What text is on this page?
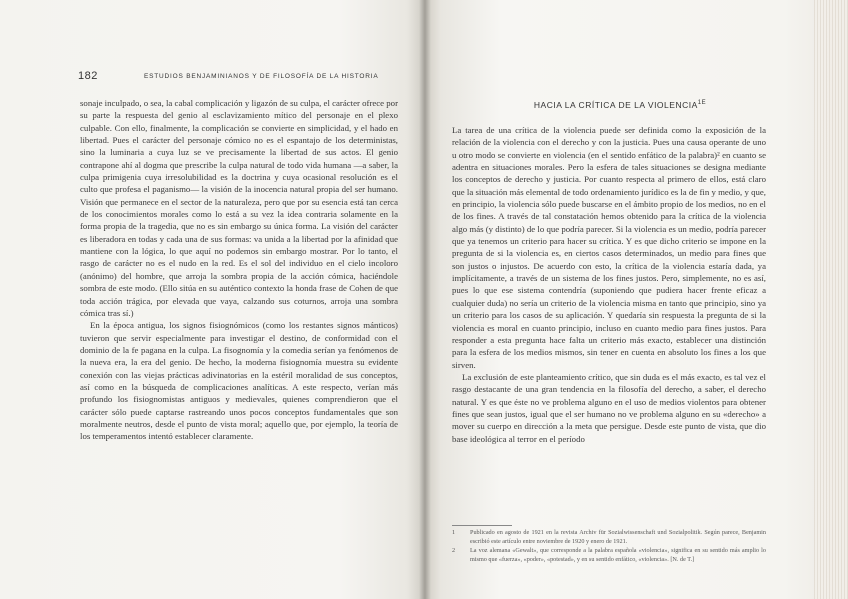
182	ESTUDIOS BENJAMINIANOS Y DE FILOSOFÍA DE LA HISTORIA

sonaje inculpado, o sea, la cabal complicación y ligazón de su culpa, el carácter ofrece por su parte la respuesta del genio al esclavizamiento mítico del personaje en el plexo culpable. Con ello, finalmente, la complicación se convierte en simplicidad, y el hado en libertad. Pues el carácter del personaje cómico no es el espantajo de los deterministas, sino la luminaria a cuya luz se ve precisamente la libertad de sus actos. El genio contrapone ahí al dogma que prescribe la culpa natural de todo vida humana —a saber, la culpa primigenia cuya irresolubilidad es la doctrina y cuya ocasional resolución es el culto que profesa el paganismo— la visión de la inocencia natural propia del ser humano. Visión que permanece en el sector de la naturaleza, pero que por su esencia está tan cerca de los conocimientos morales como lo está a su vez la idea contraria solamente en la forma propia de la tragedia, que no es sin embargo su única forma. La visión del carácter es liberadora en todas y cada una de sus formas: va unida a la libertad por la afinidad que mantiene con la lógica, lo que aquí no podemos sin embargo mostrar. Por lo tanto, el rasgo de carácter no es el nudo en la red. Es el sol del individuo en el cielo incoloro (anónimo) del hombre, que arroja la sombra propia de la acción cómica, haciéndole sombra de este modo. (Ello sitúa en su auténtico contexto la honda frase de Cohen de que toda acción trágica, por elevada que vaya, calzando sus coturnos, arroja una sombra cómica tras sí.)

En la época antigua, los signos fisiognómicos (como los restantes signos mánticos) tuvieron que servir especialmente para investigar el destino, de conformidad con el dominio de la fe pagana en la culpa. La fisognomía y la comedia serían ya fenómenos de la nueva era, la era del genio. De hecho, la moderna fisiognomía muestra su evidente conexión con las viejas prácticas adivinatorias en la estéril moralidad de sus conceptos, así como en la búsqueda de complicaciones analíticas. A este respecto, verían más profundo los fisiognomistas antiguos y medievales, quienes comprendieron que el carácter sólo puede captarse rastreando unos pocos conceptos fundamentales que son moralmente neutros, desde el punto de vista moral; aquello que, por ejemplo, la teoría de los temperamentos intentó establecer claramente.

HACIA LA CRÍTICA DE LA $VIOLENCIA^{1E}$

La tarea de una crítica de la violencia puede ser definida como la exposición de la relación de la violencia con el derecho y con la justicia. Pues una causa operante de uno u otro modo se convierte en violencia (en el sentido enfático de la palabra)² en cuanto se adentra en situaciones morales. Pero la esfera de tales situaciones se designa mediante los conceptos de derecho y justicia. Por cuanto respecta al primero de ellos, está claro que la situación más elemental de todo ordenamiento jurídico es la de fin y medio, y que, en principio, la violencia sólo puede buscarse en el ámbito propio de los medios, no en el de los fines. A través de tal constatación hemos obtenido para la crítica de la violencia algo más (y distinto) de lo que podría parecer. Si la violencia es un medio, podría parecer que ya tenemos un criterio para hacer su crítica. Y es que dicho criterio se impone en la pregunta de si la violencia es, en ciertos casos determinados, un medio para fines que son justos o injustos. De acuerdo con esto, la crítica de la violencia estaría dada, ya implícitamente, a través de un sistema de los fines justos. Pero, simplemente, no es así, pues lo que ese sistema contendría (suponiendo que pudiera hacer frente eficaz a cualquier duda) no sería un criterio de la violencia misma en tanto que principio, sino ya un criterio para los casos de su aplicación. Y quedaría sin respuesta la pregunta de si la violencia es moral en cuanto principio, incluso en cuanto medio para fines justos. Para responder a esta pregunta hace falta un criterio más exacto, establecer una distinción para la esfera de los medios mismos, sin tener en cuenta en absoluto los fines a los que sirven.

La exclusión de este planteamiento crítico, que sin duda es el más exacto, es tal vez el rasgo destacante de una gran tendencia en la filosofía del derecho, a saber, el derecho natural. Y es que éste no ve problema alguno en el uso de medios violentos para obtener fines que sean justos, igual que el ser humano no ve problema alguno en su «derecho» a mover su cuerpo en dirección a la meta que persigue. Desde este punto de vista, que dio base ideológica al terror en el período

1 Publicado en agosto de 1921 en la revista Archiv für Sozialwissenschaft und Sozialpolitik. Según parece, Benjamin escribió este artículo entre noviembre de 1920 y enero de 1921.
2 La voz alemana «Gewalt», que corresponde a la palabra española «violencia», significa en su sentido más amplio lo mismo que «fuerza», «poder», «potestad», y en su sentido enfático, «violencia». [N. de T.]
